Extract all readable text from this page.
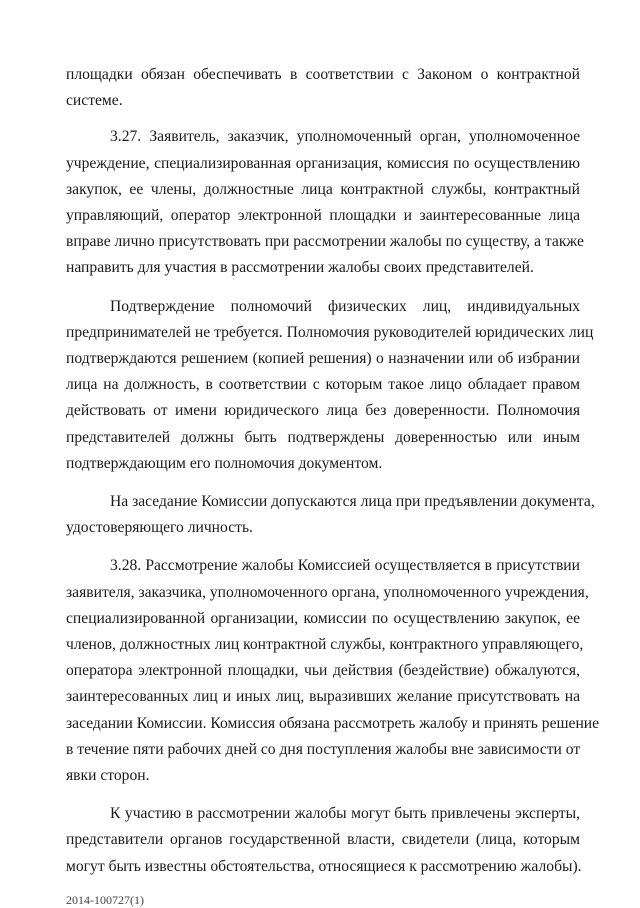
площадки обязан обеспечивать в соответствии с Законом о контрактной
системе.

3.27. Заявитель, заказчик, уполномоченный орган, уполномоченное
учреждение, специализированная организация, комиссия по осуществлению
закупок, ее члены, должностные лица контрактной службы, контрактный
управляющий, оператор электронной площадки и заинтересованные лица
вправе лично присутствовать при рассмотрении жалобы по существу, а также
направить для участия в рассмотрении жалобы своих представителей.

Подтверждение полномочий физических лиц, индивидуальных
предпринимателей не требуется. Полномочия руководителей юридических лиц
подтверждаются решением (копией решения) о назначении или об избрании
лица на должность, в соответствии с которым такое лицо обладает правом
действовать от имени юридического лица без доверенности. Полномочия
представителей должны быть подтверждены доверенностью или иным
подтверждающим его полномочия документом.

На заседание Комиссии допускаются лица при предъявлении документа,
удостоверяющего личность.

3.28. Рассмотрение жалобы Комиссией осуществляется в присутствии
заявителя, заказчика, уполномоченного органа, уполномоченного учреждения,
специализированной организации, комиссии по осуществлению закупок, ее
членов, должностных лиц контрактной службы, контрактного управляющего,
оператора электронной площадки, чьи действия (бездействие) обжалуются,
заинтересованных лиц и иных лиц, выразивших желание присутствовать на
заседании Комиссии. Комиссия обязана рассмотреть жалобу и принять решение
в течение пяти рабочих дней со дня поступления жалобы вне зависимости от
явки сторон.

К участию в рассмотрении жалобы могут быть привлечены эксперты,
представители органов государственной власти, свидетели (лица, которым
могут быть известны обстоятельства, относящиеся к рассмотрению жалобы).

2014-100727(1)
